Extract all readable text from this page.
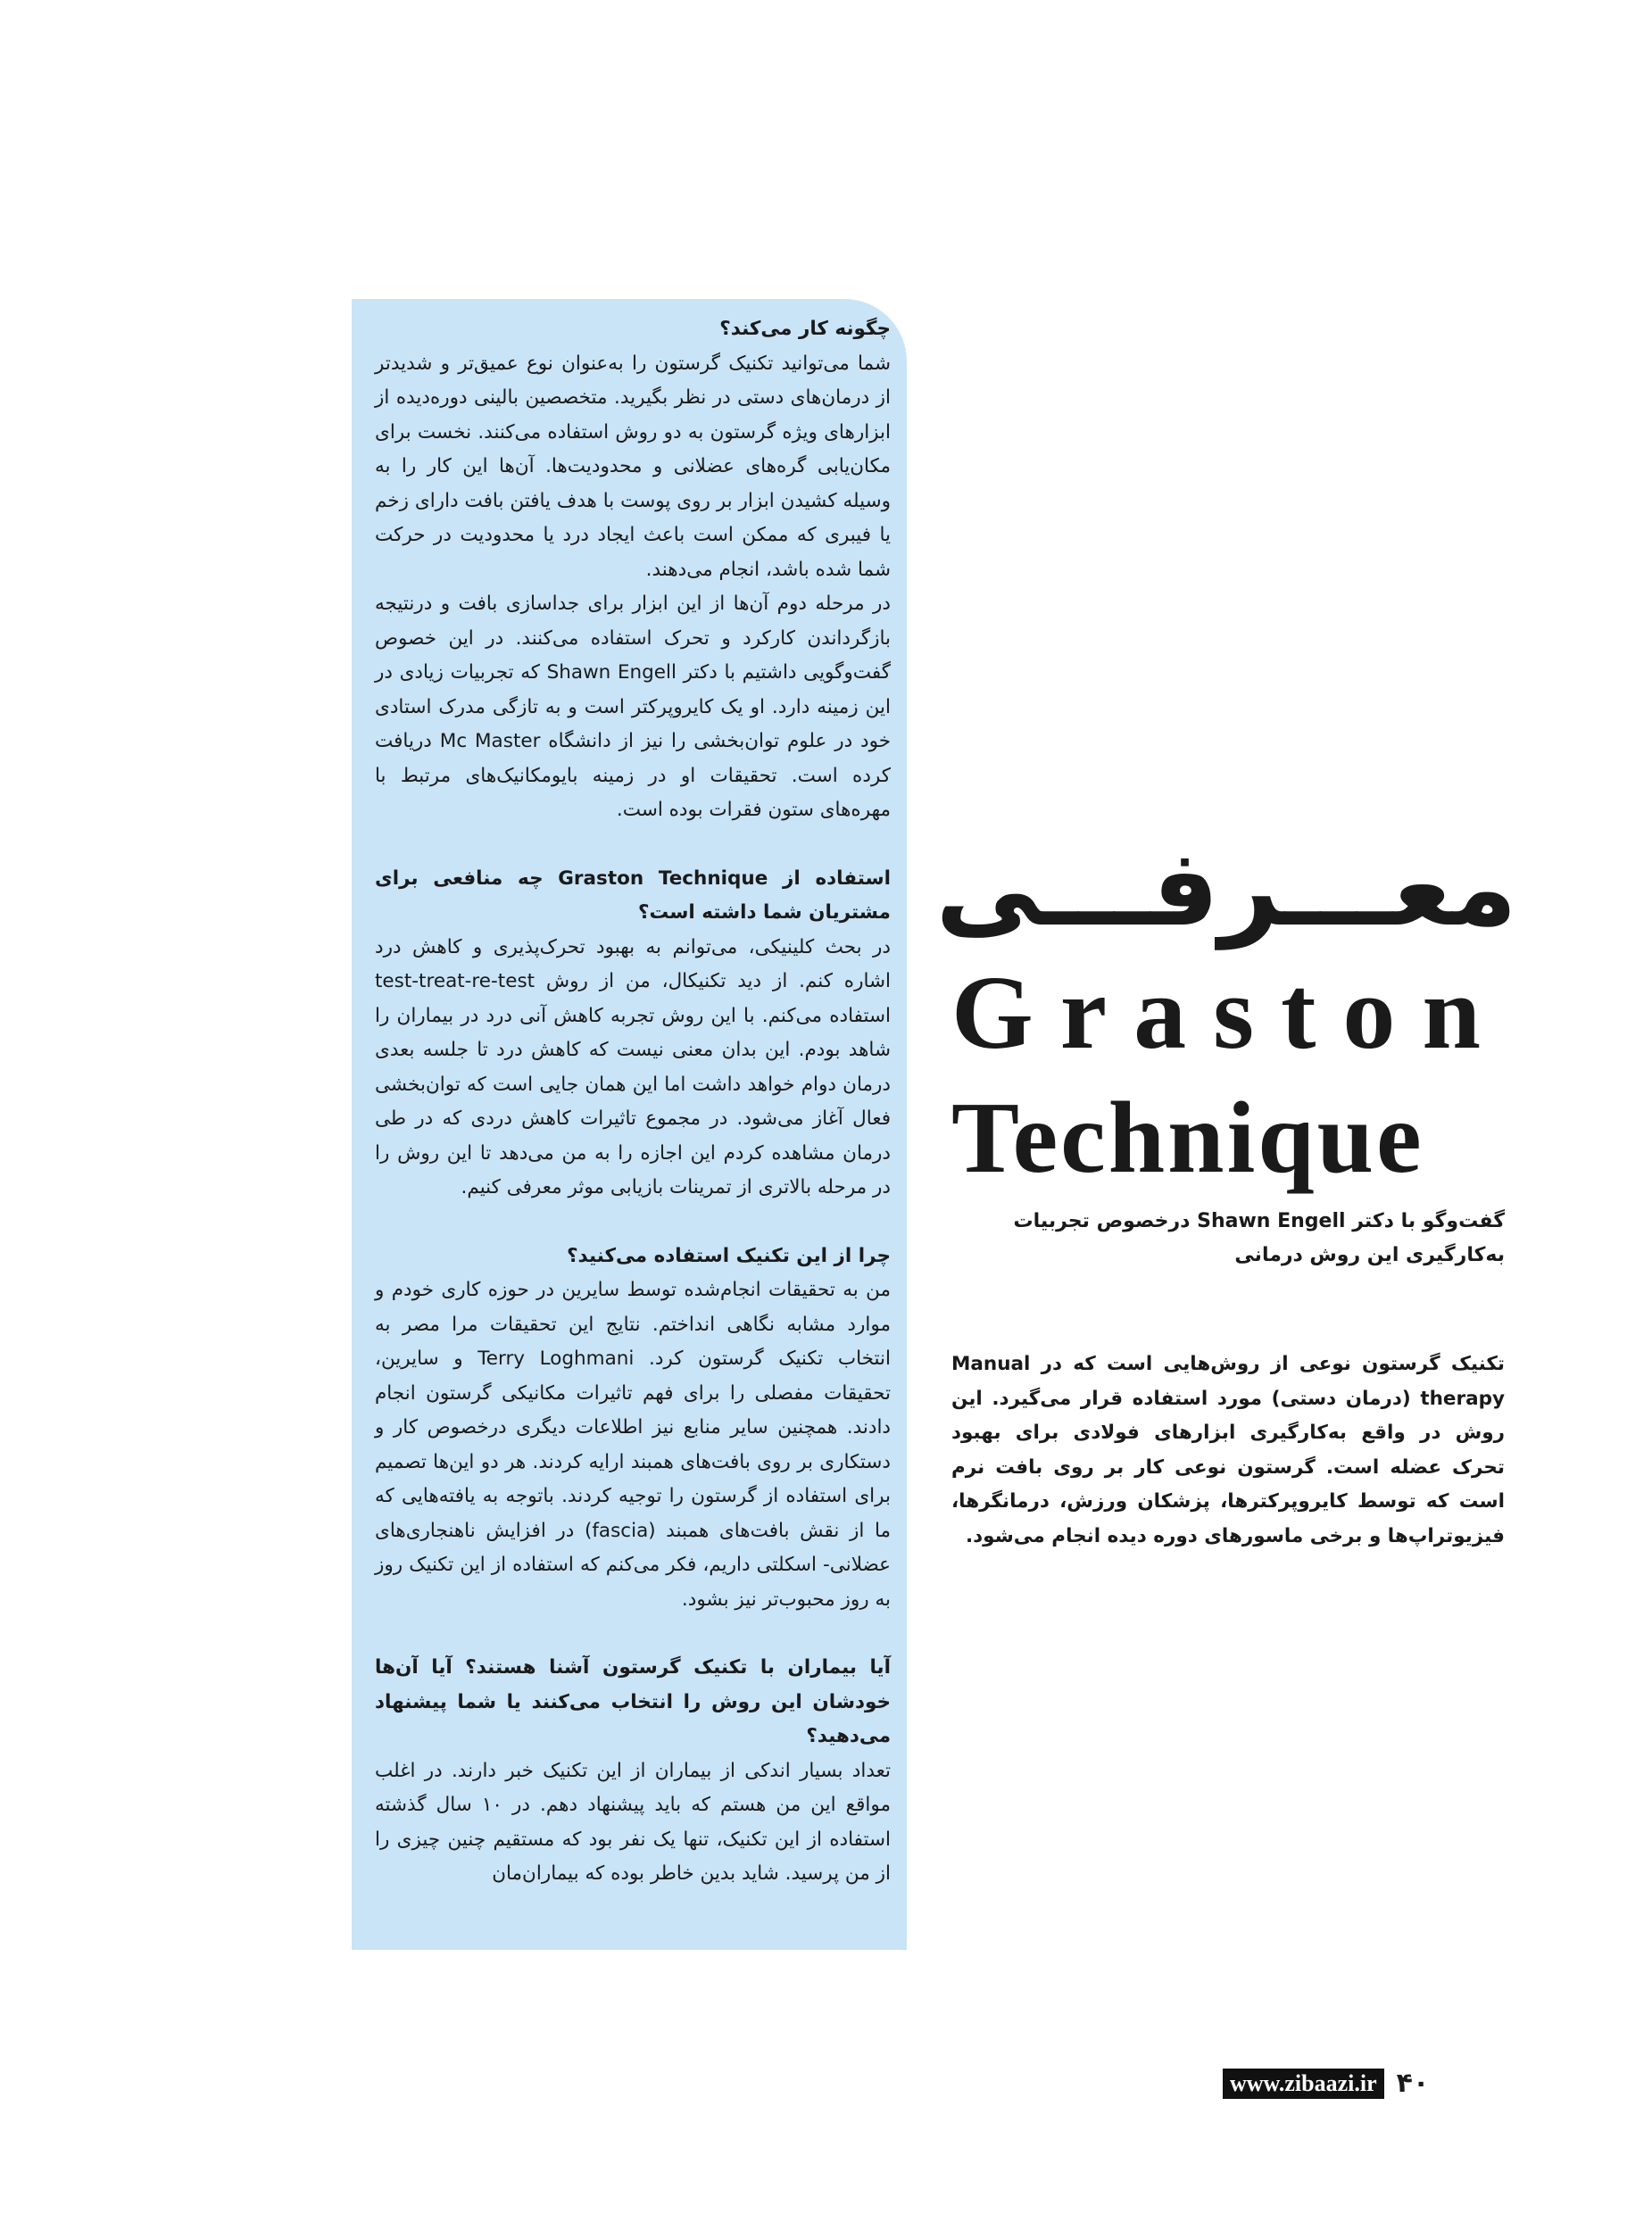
چگونه کار می‌کند؟

شما می‌توانید تکنیک گرستون را به‌عنوان نوع عمیق‌تر و شدیدتر از درمان‌های دستی در نظر بگیرید. متخصصین بالینی دوره‌دیده از ابزارهای ویژه گرستون به دو روش استفاده می‌کنند. نخست برای مکان‌یابی گره‌های عضلانی و محدودیت‌ها. آن‌ها این کار را به وسیله کشیدن ابزار بر روی پوست با هدف یافتن بافت دارای زخم یا فیبری که ممکن است باعث ایجاد درد یا محدودیت در حرکت شما شده باشد، انجام می‌دهند.

در مرحله دوم آن‌ها از این ابزار برای جداسازی بافت و درنتیجه بازگرداندن کارکرد و تحرک استفاده می‌کنند. در این خصوص گفت‌وگویی داشتیم با دکتر Shawn Engell که تجربیات زیادی در این زمینه دارد. او یک کایروپرکتر است و به تازگی مدرک استادی خود در علوم توان‌بخشی را نیز از دانشگاه Mc Master دریافت کرده است. تحقیقات او در زمینه بایومکانیک‌های مرتبط با مهره‌های ستون فقرات بوده است.

استفاده از Graston Technique چه منافعی برای مشتریان شما داشته است؟

در بحث کلینیکی، می‌توانم به بهبود تحرک‌پذیری و کاهش درد اشاره کنم. از دید تکنیکال، من از روش test-treat-re-test استفاده می‌کنم. با این روش تجربه کاهش آنی درد در بیماران را شاهد بودم. این بدان معنی نیست که کاهش درد تا جلسه بعدی درمان دوام خواهد داشت اما این همان جایی است که توان‌بخشی فعال آغاز می‌شود. در مجموع تاثیرات کاهش دردی که در طی درمان مشاهده کردم این اجازه را به من می‌دهد تا این روش را در مرحله بالاتری از تمرینات بازیابی موثر معرفی کنیم.

چرا از این تکنیک استفاده می‌کنید؟

من به تحقیقات انجام‌شده توسط سایرین در حوزه کاری خودم و موارد مشابه نگاهی انداختم. نتایج این تحقیقات مرا مصر به انتخاب تکنیک گرستون کرد. Terry Loghmani و سایرین، تحقیقات مفصلی را برای فهم تاثیرات مکانیکی گرستون انجام دادند. همچنین سایر منابع نیز اطلاعات دیگری درخصوص کار و دستکاری بر روی بافت‌های همبند ارایه کردند. هر دو این‌ها تصمیم برای استفاده از گرستون را توجیه کردند. باتوجه به یافته‌هایی که ما از نقش بافت‌های همبند (fascia) در افزایش ناهنجاری‌های عضلانی- اسکلتی داریم، فکر می‌کنم که استفاده از این تکنیک روز به روز محبوب‌تر نیز بشود.

آیا بیماران با تکنیک گرستون آشنا هستند؟ آیا آن‌ها خودشان این روش را انتخاب می‌کنند یا شما پیشنهاد می‌دهید؟

تعداد بسیار اندکی از بیماران از این تکنیک خبر دارند. در اغلب مواقع این من هستم که باید پیشنهاد دهم. در ۱۰ سال گذشته استفاده از این تکنیک، تنها یک نفر بود که مستقیم چنین چیزی را از من پرسید. شاید بدین خاطر بوده که بیماران‌مان

معـــرفـــی
Graston
Technique
گفت‌وگو با دکتر Shawn Engell درخصوص تجربیات به‌کارگیری این روش درمانی
تکنیک گرستون نوعی از روش‌هایی است که در Manual therapy (درمان دستی) مورد استفاده قرار می‌گیرد. این روش در واقع به‌کارگیری ابزارهای فولادی برای بهبود تحرک عضله است. گرستون نوعی کار بر روی بافت نرم است که توسط کایروپرکترها، پزشکان ورزش، درمانگرها، فیزیوتراپ‌ها و برخی ماسورهای دوره دیده انجام می‌شود.
www.zibaazi.ir ۴۰
